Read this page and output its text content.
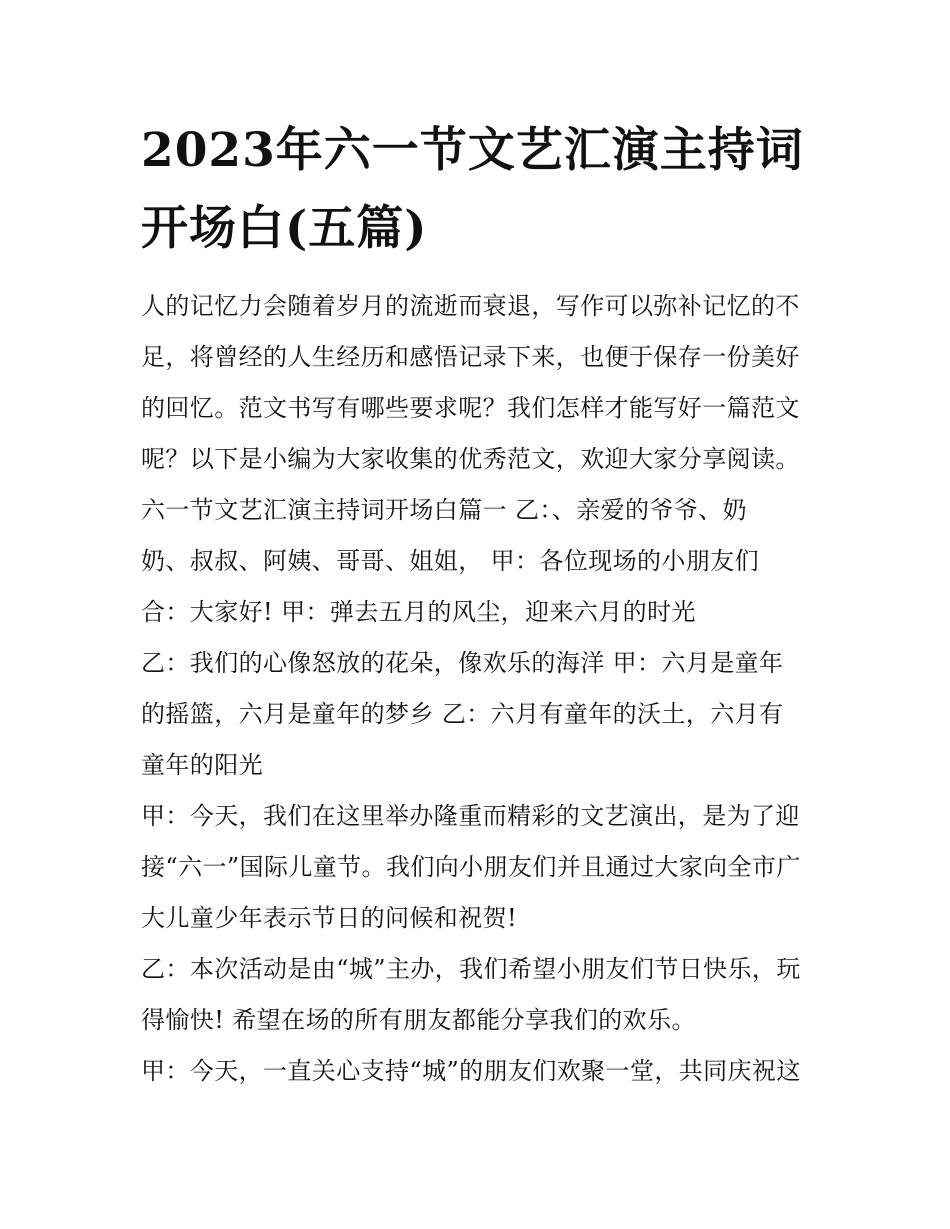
2023年六一节文艺汇演主持词
开场白(五篇)
人的记忆力会随着岁月的流逝而衰退，写作可以弥补记忆的不
足，将曾经的人生经历和感悟记录下来，也便于保存一份美好
的回忆。范文书写有哪些要求呢？我们怎样才能写好一篇范文
呢？以下是小编为大家收集的优秀范文，欢迎大家分享阅读。
六一节文艺汇演主持词开场白篇一 乙：、亲爱的爷爷、奶
奶、叔叔、阿姨、哥哥、姐姐， 甲：各位现场的小朋友们
合：大家好! 甲：弹去五月的风尘，迎来六月的时光
乙：我们的心像怒放的花朵，像欢乐的海洋 甲：六月是童年
的摇篮，六月是童年的梦乡 乙：六月有童年的沃土，六月有
童年的阳光
甲：今天，我们在这里举办隆重而精彩的文艺演出，是为了迎
接“六一”国际儿童节。我们向小朋友们并且通过大家向全市广
大儿童少年表示节日的问候和祝贺!
乙：本次活动是由“城”主办，我们希望小朋友们节日快乐，玩
得愉快! 希望在场的所有朋友都能分享我们的欢乐。
甲：今天，一直关心支持“城”的朋友们欢聚一堂，共同庆祝这
